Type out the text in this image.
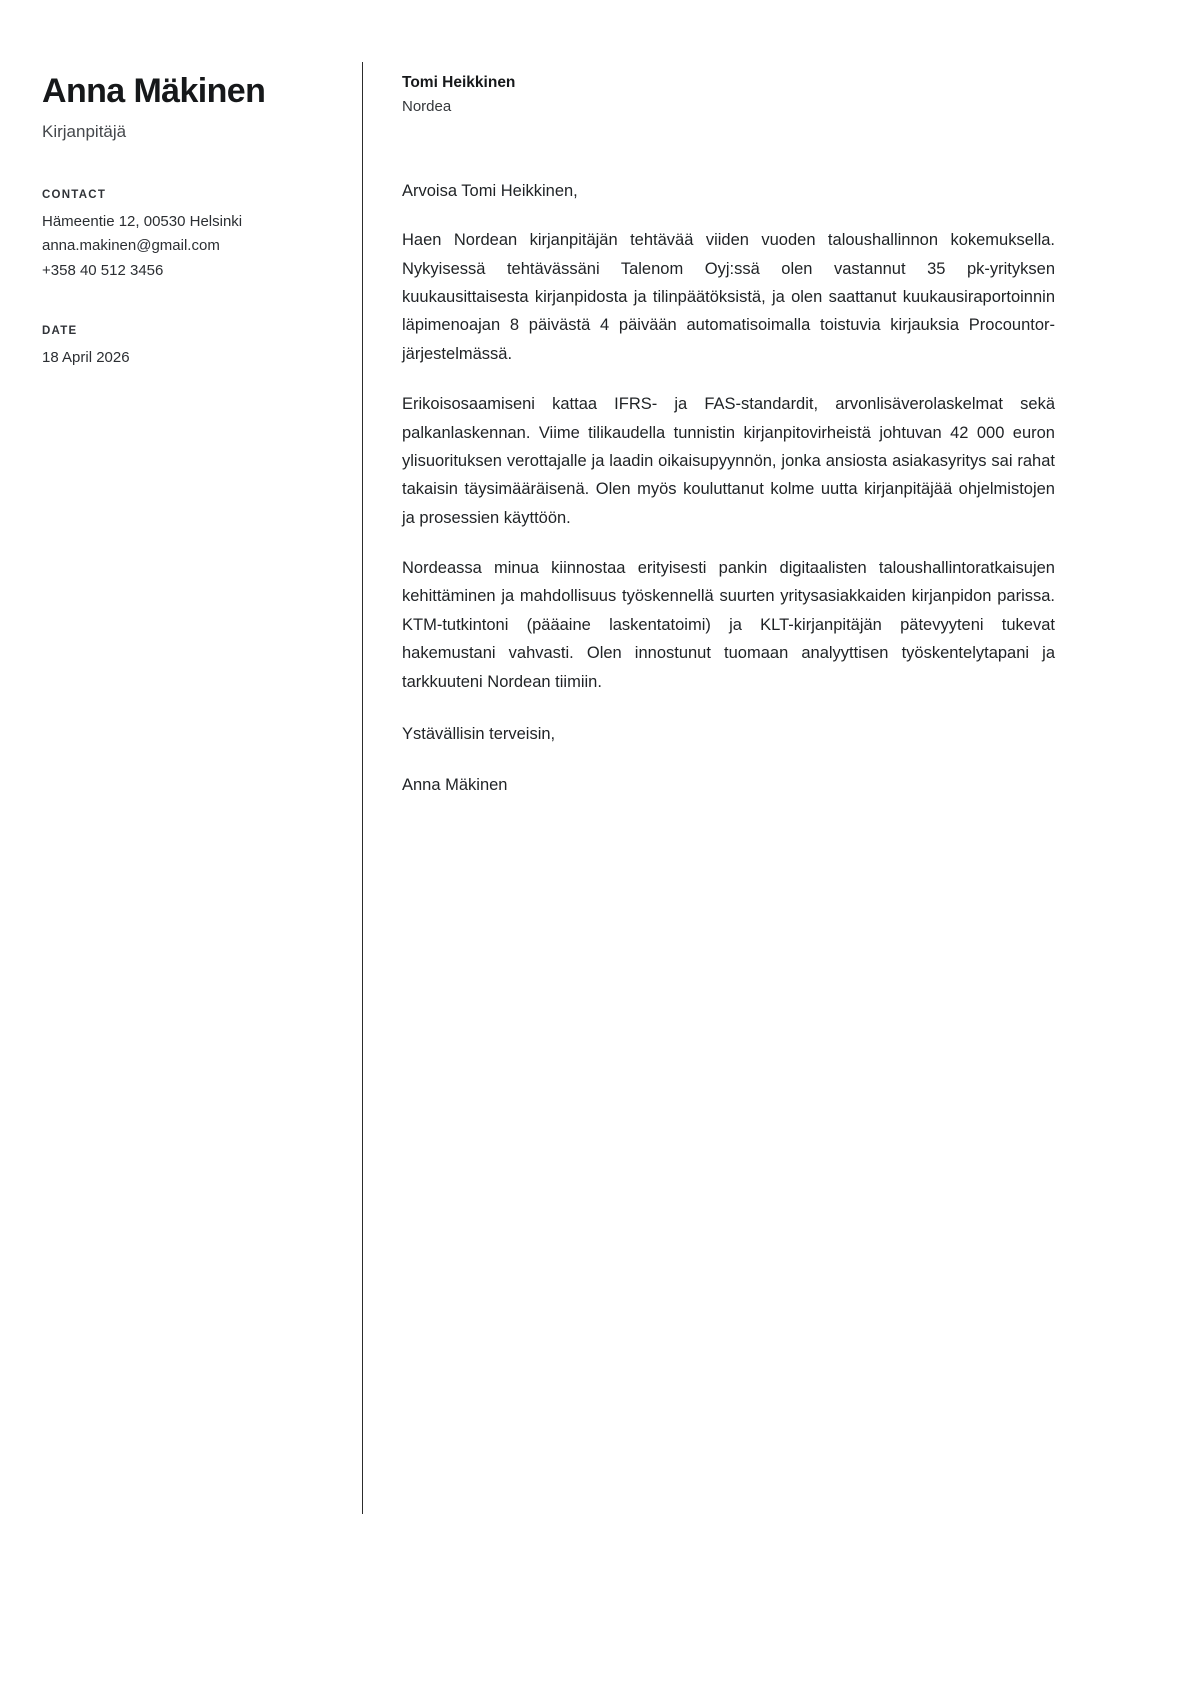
Anna Mäkinen

Kirjanpitäjä

CONTACT

Hämeentie 12, 00530 Helsinki

anna.makinen@gmail.com

+358 40 512 3456

DATE

18 April 2026

Tomi Heikkinen

Nordea

Arvoisa Tomi Heikkinen,

Haen Nordean kirjanpitäjän tehtävää viiden vuoden taloushallinnon kokemuksella. Nykyisessä tehtävässäni Talenom Oyj:ssä olen vastannut 35 pk-yrityksen kuukausittaisesta kirjanpidosta ja tilinpäätöksistä, ja olen saattanut kuukausiraportoinnin läpimenoajan 8 päivästä 4 päivään automatisoimalla toistuvia kirjauksia Procountor-järjestelmässä.

Erikoisosaamiseni kattaa IFRS- ja FAS-standardit, arvonlisäverolaskelmat sekä palkanlaskennan. Viime tilikaudella tunnistin kirjanpitovirheistä johtuvan 42 000 euron ylisuorituksen verottajalle ja laadin oikaisupyynnön, jonka ansiosta asiakasyritys sai rahat takaisin täysimääräisenä. Olen myös kouluttanut kolme uutta kirjanpitäjää ohjelmistojen ja prosessien käyttöön.

Nordeassa minua kiinnostaa erityisesti pankin digitaalisten taloushallintoratkaisujen kehittäminen ja mahdollisuus työskennellä suurten yritysasiakkaiden kirjanpidon parissa. KTM-tutkintoni (pääaine laskentatoimi) ja KLT-kirjanpitäjän pätevyyteni tukevat hakemustani vahvasti. Olen innostunut tuomaan analyyttisen työskentelytapani ja tarkkuuteni Nordean tiimiin.

Ystävällisin terveisin,

Anna Mäkinen
